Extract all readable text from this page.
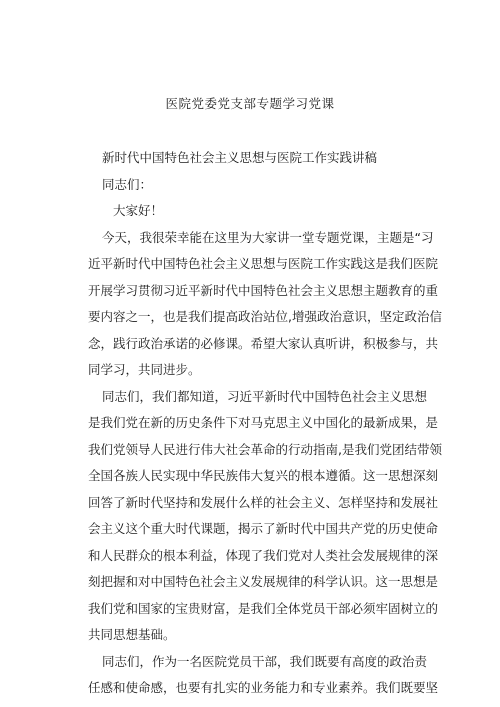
医院党委党支部专题学习党课
新时代中国特色社会主义思想与医院工作实践讲稿
同志们：
大家好！
今天，我很荣幸能在这里为大家讲一堂专题党课，主题是“习
近平新时代中国特色社会主义思想与医院工作实践这是我们医院
开展学习贯彻习近平新时代中国特色社会主义思想主题教育的重
要内容之一，也是我们提高政治站位,增强政治意识，坚定政治信
念，践行政治承诺的必修课。希望大家认真听讲，积极参与，共
同学习，共同进步。
同志们，我们都知道，习近平新时代中国特色社会主义思想
是我们党在新的历史条件下对马克思主义中国化的最新成果，是
我们党领导人民进行伟大社会革命的行动指南,是我们党团结带领
全国各族人民实现中华民族伟大复兴的根本遵循。这一思想深刻
回答了新时代坚持和发展什么样的社会主义、怎样坚持和发展社
会主义这个重大时代课题，揭示了新时代中国共产党的历史使命
和人民群众的根本利益，体现了我们党对人类社会发展规律的深
刻把握和对中国特色社会主义发展规律的科学认识。这一思想是
我们党和国家的宝贵财富，是我们全体党员干部必须牢固树立的
共同思想基础。
同志们，作为一名医院党员干部，我们既要有高度的政治责
任感和使命感，也要有扎实的业务能力和专业素养。我们既要坚
